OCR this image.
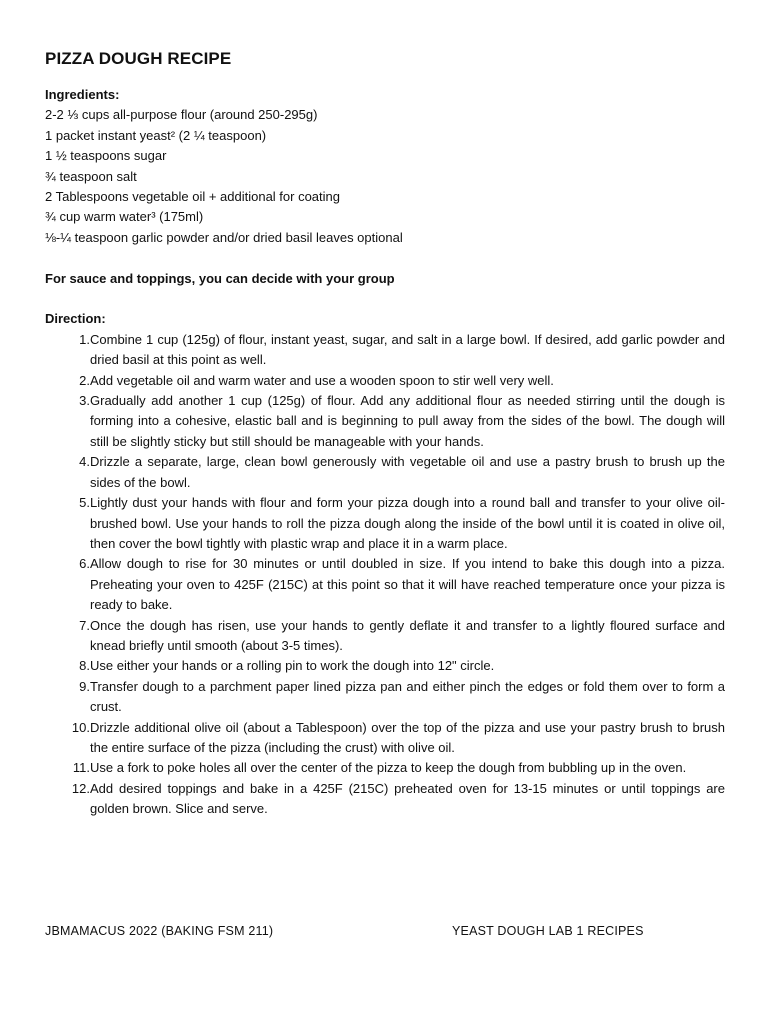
PIZZA DOUGH RECIPE

Ingredients:

2-2 ⅓ cups all-purpose flour (around 250-295g)
1 packet instant yeast² (2 ¼ teaspoon)
1 ½ teaspoons sugar
¾ teaspoon salt
2 Tablespoons vegetable oil + additional for coating
¾ cup warm water³ (175ml)
⅛-¼ teaspoon garlic powder and/or dried basil leaves optional

For sauce and toppings, you can decide with your group

Direction:

1. Combine 1 cup (125g) of flour, instant yeast, sugar, and salt in a large bowl. If desired, add garlic powder and dried basil at this point as well.
2. Add vegetable oil and warm water and use a wooden spoon to stir well very well.
3. Gradually add another 1 cup (125g) of flour. Add any additional flour as needed stirring until the dough is forming into a cohesive, elastic ball and is beginning to pull away from the sides of the bowl. The dough will still be slightly sticky but still should be manageable with your hands.
4. Drizzle a separate, large, clean bowl generously with vegetable oil and use a pastry brush to brush up the sides of the bowl.
5. Lightly dust your hands with flour and form your pizza dough into a round ball and transfer to your olive oil-brushed bowl. Use your hands to roll the pizza dough along the inside of the bowl until it is coated in olive oil, then cover the bowl tightly with plastic wrap and place it in a warm place.
6. Allow dough to rise for 30 minutes or until doubled in size. If you intend to bake this dough into a pizza. Preheating your oven to 425F (215C) at this point so that it will have reached temperature once your pizza is ready to bake.
7. Once the dough has risen, use your hands to gently deflate it and transfer to a lightly floured surface and knead briefly until smooth (about 3-5 times).
8. Use either your hands or a rolling pin to work the dough into 12" circle.
9. Transfer dough to a parchment paper lined pizza pan and either pinch the edges or fold them over to form a crust.
10. Drizzle additional olive oil (about a Tablespoon) over the top of the pizza and use your pastry brush to brush the entire surface of the pizza (including the crust) with olive oil.
11. Use a fork to poke holes all over the center of the pizza to keep the dough from bubbling up in the oven.
12. Add desired toppings and bake in a 425F (215C) preheated oven for 13-15 minutes or until toppings are golden brown. Slice and serve.
JBMAMACUS 2022 (BAKING FSM 211)	YEAST DOUGH LAB 1 RECIPES
